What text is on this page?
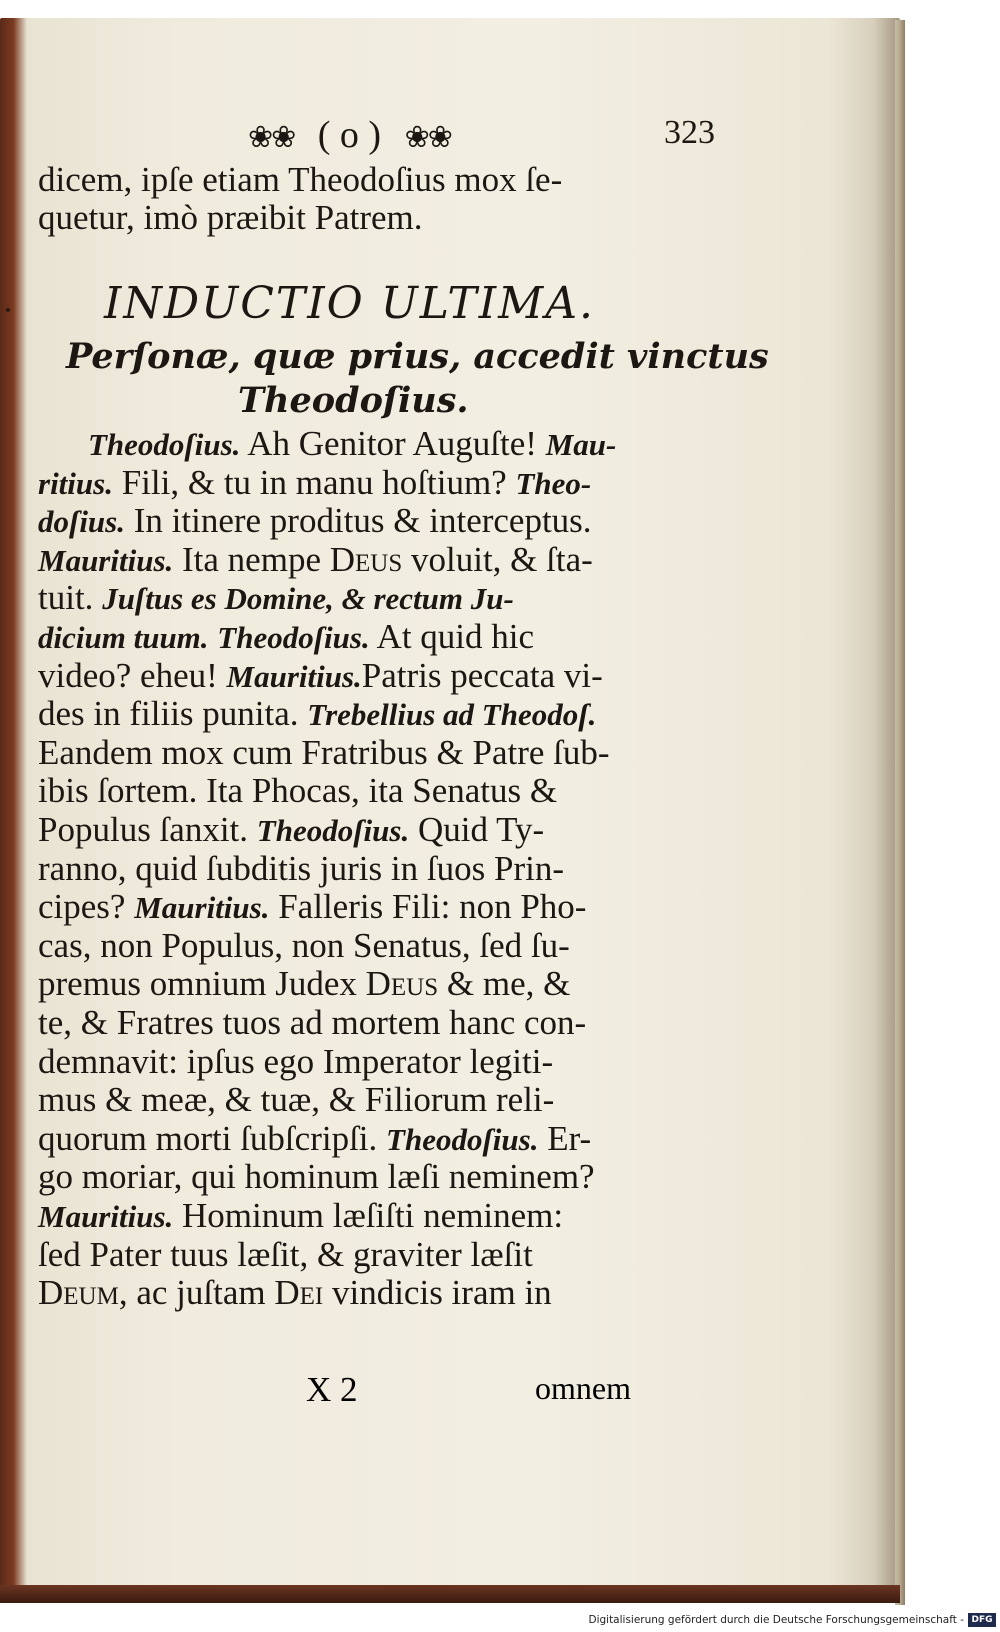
❀❀ ( o ) ❀❀	323
dicem, ipſe etiam Theodoſius mox ſe-
quetur, imò præibit Patrem.
INDUCTIO ULTIMA.
Perſonæ, quæ prius, accedit vinctus
Theodoſius.
Theodoſius. Ah Genitor Auguſte! Mau-
ritius. Fili, & tu in manu hoſtium? Theo-
doſius. In itinere proditus & interceptus.
Mauritius. Ita nempe Deus voluit, & ſta-
tuit. Juſtus es Domine, & rectum Ju-
dicium tuum. Theodoſius. At quid hic
video? eheu! Mauritius.Patris peccata vi-
des in filiis punita. Trebellius ad Theodoſ.
Eandem mox cum Fratribus & Patre ſub-
ibis ſortem. Ita Phocas, ita Senatus &
Populus ſanxit. Theodoſius. Quid Ty-
ranno, quid ſubditis juris in ſuos Prin-
cipes? Mauritius. Falleris Fili: non Pho-
cas, non Populus, non Senatus, ſed ſu-
premus omnium Judex Deus & me, &
te, & Fratres tuos ad mortem hanc con-
demnavit: ipſus ego Imperator legiti-
mus & meæ, & tuæ, & Filiorum reli-
quorum morti ſubſcripſi. Theodoſius. Er-
go moriar, qui hominum læſi neminem?
Mauritius. Hominum læſiſti neminem:
ſed Pater tuus læſit, & graviter læſit
Deum, ac juſtam Dei vindicis iram in
X 2	omnem
Digitalisierung gefördert durch die Deutsche Forschungsgemeinschaft - DFG
